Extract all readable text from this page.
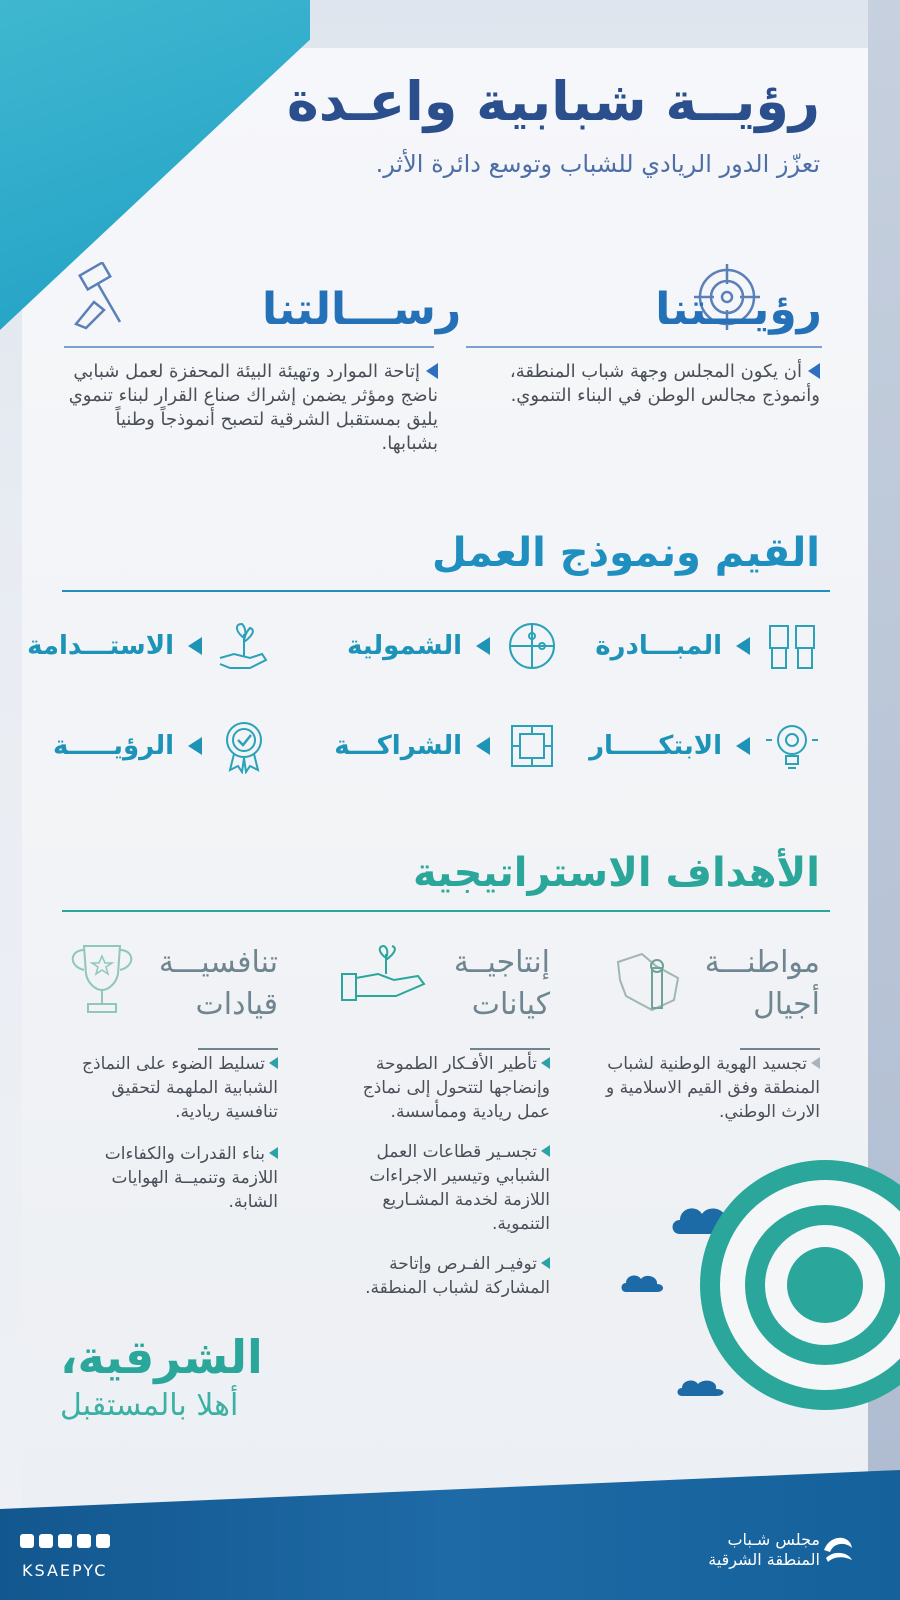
رؤيــة شبابية واعـدة
تعزّز الدور الريادي للشباب وتوسع دائرة الأثر.
رؤيـــتنا
أن يكون المجلس وجهة شباب المنطقة، وأنموذج مجالس الوطن في البناء التنموي.
رســـالتنا
إتاحة الموارد وتهيئة البيئة المحفزة لعمل شبابي ناضج ومؤثر يضمن إشراك صناع القرار لبناء تنموي يليق بمستقبل الشرقية لتصبح أنموذجاً وطنياً بشبابها.
القيم ونموذج العمل
المبـــادرة
الشمولية
الاستـــدامة
الابتكـــــار
الشراكـــة
الرؤيـــــة
الأهداف الاستراتيجية
مواطنـــة
أجيال
تجسيد الهوية الوطنية لشباب المنطقة وفق القيم الاسلامية و الارث الوطني.
إنتاجيــة
كيانات
تأطير الأفـكار الطموحة وإنضاجها لتتحول إلى نماذج عمل ريادية وممأسسة.
تجسـير قطاعات العمل الشبابي وتيسير الاجراءات اللازمة لخدمة المشـاريع التنموية.
توفيـر الفـرص وإتاحة المشاركة لشباب المنطقة.
تنافسيـــة
قيادات
تسليط الضوء على النماذج الشبابية الملهمة لتحقيق تنافسية ريادية.
بناء القدرات والكفاءات اللازمة وتنميــة الهوايات الشابة.
الشرقية،
أهلا بالمستقبل
KSAEPYC
مجلس شـباب
المنطقة الشرقية
